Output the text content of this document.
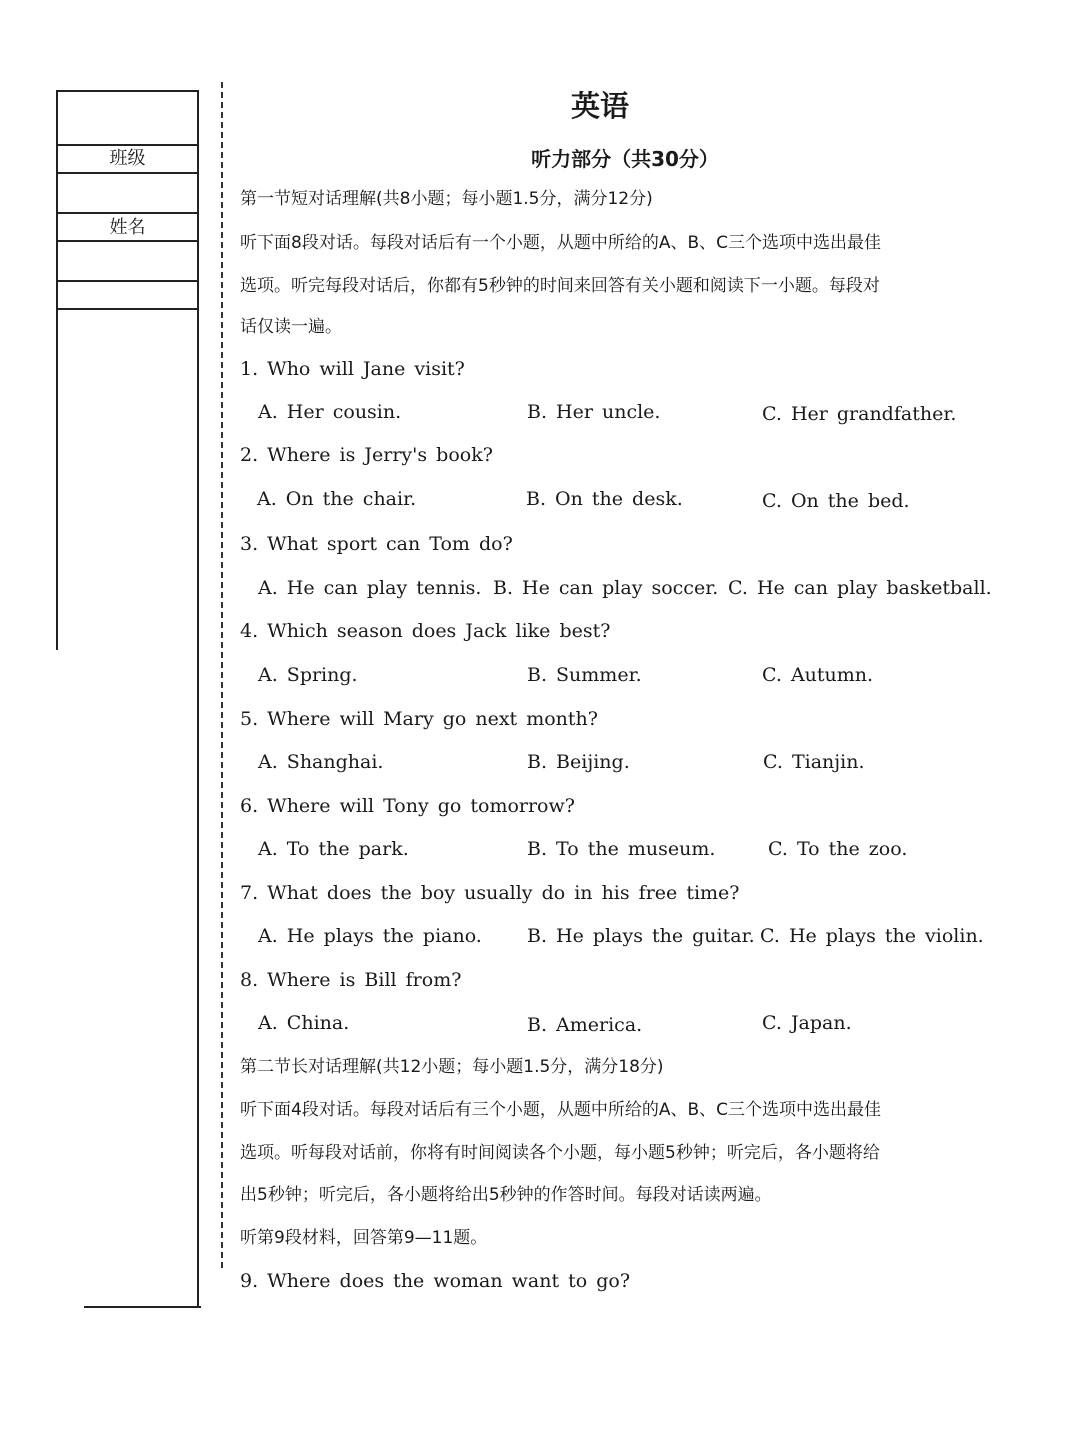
班级
姓名
英语
听力部分（共30分）
第一节短对话理解(共8小题；每小题1.5分，满分12分)
听下面8段对话。每段对话后有一个小题，从题中所给的A、B、C三个选项中选出最佳
选项。听完每段对话后，你都有5秒钟的时间来回答有关小题和阅读下一小题。每段对
话仅读一遍。
1. Who will Jane visit?
A. Her cousin.	B. Her uncle.	C. Her grandfather.
2. Where is Jerry's book?
A. On the chair.	B. On the desk.	C. On the bed.
3. What sport can Tom do?
A. He can play tennis. B. He can play soccer. C. He can play basketball.
4. Which season does Jack like best?
A. Spring.	B. Summer.	C. Autumn.
5. Where will Mary go next month?
A. Shanghai.	B. Beijing.	C. Tianjin.
6. Where will Tony go tomorrow?
A. To the park.	B. To the museum.	C. To the zoo.
7. What does the boy usually do in his free time?
A. He plays the piano. B. He plays the guitar. C. He plays the violin.
8. Where is Bill from?
A. China.	B. America.	C. Japan.
第二节长对话理解(共12小题；每小题1.5分，满分18分)
听下面4段对话。每段对话后有三个小题，从题中所给的A、B、C三个选项中选出最佳
选项。听每段对话前，你将有时间阅读各个小题，每小题5秒钟；听完后，各小题将给
出5秒钟；听完后，各小题将给出5秒钟的作答时间。每段对话读两遍。
听第9段材料，回答第9—11题。
9. Where does the woman want to go?
